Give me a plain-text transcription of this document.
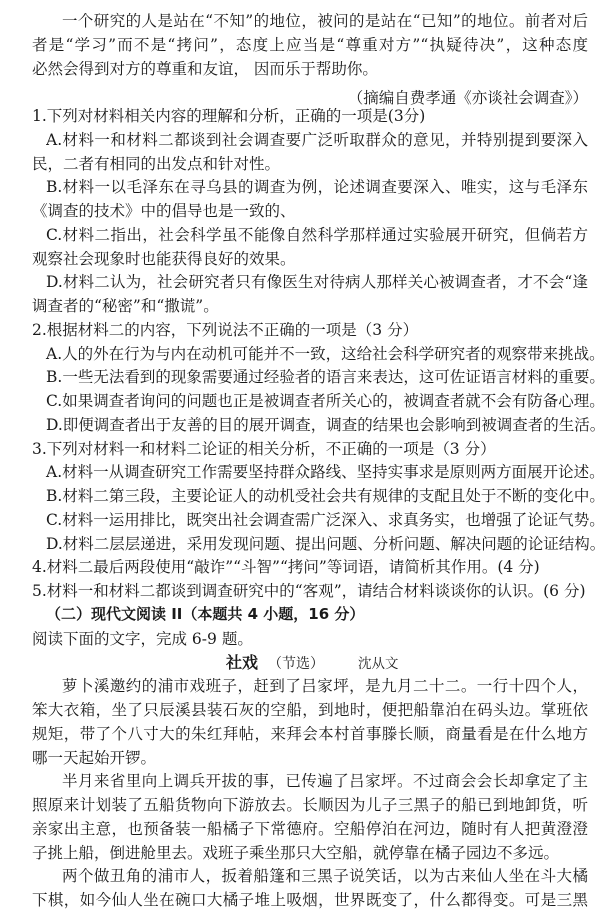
一个研究的人是站在“不知”的地位，被问的是站在“已知”的地位。前者对后
者是“学习”而不是“拷问”，态度上应当是“尊重对方”“执疑待决”，这种态度
必然会得到对方的尊重和友谊， 因而乐于帮助你。
（摘编自费孝通《亦谈社会调查》）
1.下列对材料相关内容的理解和分析，正确的一项是(3分)
A.材料一和材料二都谈到社会调查要广泛听取群众的意见，并特别提到要深入
民，二者有相同的出发点和针对性。
B.材料一以毛泽东在寻乌县的调查为例，论述调查要深入、唯实，这与毛泽东
《调查的技术》中的倡导也是一致的、
C.材料二指出，社会科学虽不能像自然科学那样通过实验展开研究，但倘若方
观察社会现象时也能获得良好的效果。
D.材料二认为，社会研究者只有像医生对待病人那样关心被调查者，才不会“逢
调查者的“秘密”和“撒谎”。
2.根据材料二的内容，下列说法不正确的一项是（3 分）
A.人的外在行为与内在动机可能并不一致，这给社会科学研究者的观察带来挑战。
B.一些无法看到的现象需要通过经验者的语言来表达，这可佐证语言材料的重要。
C.如果调查者询问的问题也正是被调查者所关心的，被调查者就不会有防备心理。
D.即便调查者出于友善的目的展开调查，调查的结果也会影响到被调查者的生活。
3.下列对材料一和材料二论证的相关分析，不正确的一项是（3 分）
A.材料一从调查研究工作需要坚持群众路线、坚持实事求是原则两方面展开论述。
B.材料二第三段，主要论证人的动机受社会共有规律的支配且处于不断的变化中。
C.材料一运用排比，既突出社会调查需广泛深入、求真务实，也增强了论证气势。
D.材料二层层递进，采用发现问题、提出问题、分析问题、解决问题的论证结构。
4.材料二最后两段使用“敲诈”“斗智”“拷问”等词语，请简析其作用。(4 分)
5.材料一和材料二都谈到调查研究中的“客观”，请结合材料谈谈你的认识。(6 分)
（二）现代文阅读 II（本题共 4 小题，16 分）
阅读下面的文字，完成 6-9 题。
社戏 （节选）	沈从文
萝卜溪邀约的浦市戏班子，赶到了吕家坪，是九月二十二。一行十四个人，
笨大衣箱，坐了只辰溪县装石灰的空船，到地时，便把船靠泊在码头边。掌班依
规矩，带了个八寸大的朱红拜帖，来拜会本村首事滕长顺，商量看是在什么地方
哪一天起始开锣。
半月来省里向上调兵开拔的事，已传遍了吕家坪。不过商会会长却拿定了主
照原来计划装了五船货物向下游放去。长顺因为儿子三黑子的船已到地卸货，听
亲家出主意，也预备装一船橘子下常德府。空船停泊在河边，随时有人把黄澄澄
子挑上船，倒进舱里去。戏班子乘坐那只大空船，就停靠在橘子园边不多远。
两个做丑角的浦市人，扳着船篷和三黑子说笑话，以为古来仙人坐在斗大橘
下棋，如今仙人坐在碗口大橘子堆上吸烟，世界既变了，什么都得变。可是三黑
